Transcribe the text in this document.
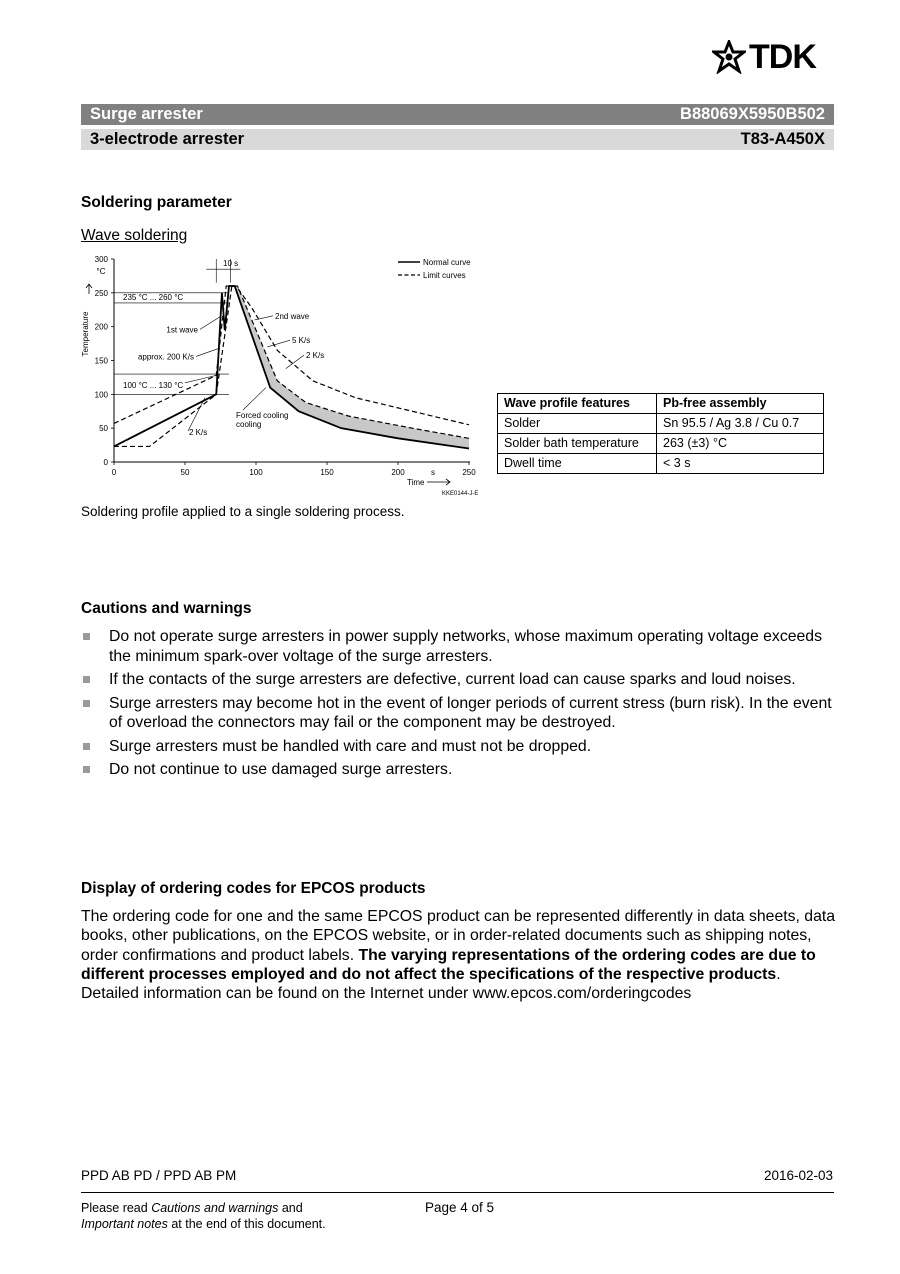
TDK
Surge arrester	B88069X5950B502
3-electrode arrester	T83-A450X
Soldering parameter
Wave soldering
0	50	100	150	200	250
0
50
100
150
200
250
300
°C
Temperature
s
Time
KKE0144-J-E
Normal curve
Limit curves
10 s
235 °C ... 260 °C
1st wave
2nd wave
approx. 200 K/s
5 K/s
2 K/s
100 °C ... 130 °C
Forced cooling
cooling
2 K/s
Wave profile features	Pb-free assembly
Solder	Sn 95.5 / Ag 3.8 / Cu 0.7
Solder bath temperature	263 (±3) °C
Dwell time	< 3 s
Soldering profile applied to a single soldering process.
Cautions and warnings
Do not operate surge arresters in power supply networks, whose maximum operating voltage exceeds the minimum spark-over voltage of the surge arresters.
If the contacts of the surge arresters are defective, current load can cause sparks and loud noises.
Surge arresters may become hot in the event of longer periods of current stress (burn risk). In the event of overload the connectors may fail or the component may be destroyed.
Surge arresters must be handled with care and must not be dropped.
Do not continue to use damaged surge arresters.
Display of ordering codes for EPCOS products
The ordering code for one and the same EPCOS product can be represented differently in data sheets, data books, other publications, on the EPCOS website, or in order-related documents such as shipping notes, order confirmations and product labels. The varying representations of the ordering codes are due to different processes employed and do not affect the specifications of the respective products. Detailed information can be found on the Internet under www.epcos.com/orderingcodes
PPD AB PD / PPD AB PM	2016-02-03
Please read Cautions and warnings and
Important notes at the end of this document.
Page 4 of 5
